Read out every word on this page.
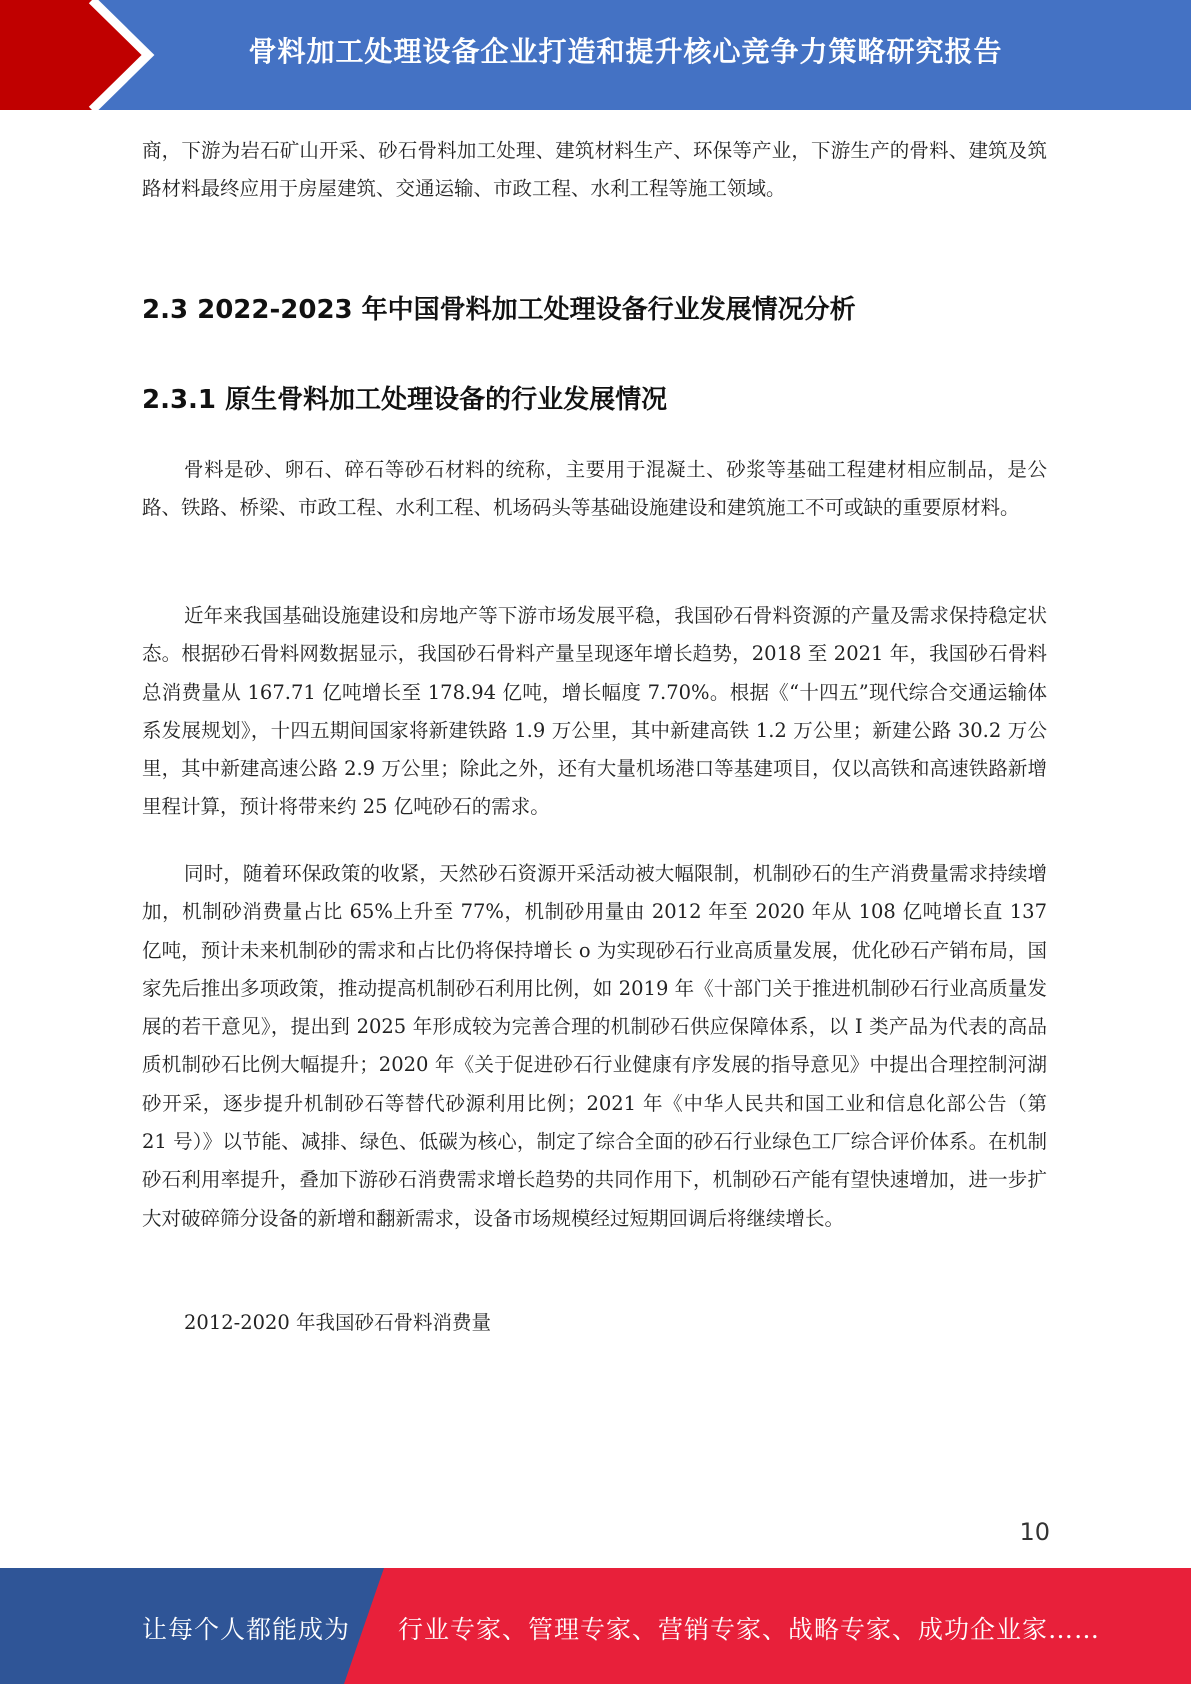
骨料加工处理设备企业打造和提升核心竞争力策略研究报告

商，下游为岩石矿山开采、砂石骨料加工处理、建筑材料生产、环保等产业，下游生产的骨料、建筑及筑路材料最终应用于房屋建筑、交通运输、市政工程、水利工程等施工领域。

2.3 2022-2023 年中国骨料加工处理设备行业发展情况分析
2.3.1 原生骨料加工处理设备的行业发展情况

骨料是砂、卵石、碎石等砂石材料的统称，主要用于混凝土、砂浆等基础工程建材相应制品，是公路、铁路、桥梁、市政工程、水利工程、机场码头等基础设施建设和建筑施工不可或缺的重要原材料。

近年来我国基础设施建设和房地产等下游市场发展平稳，我国砂石骨料资源的产量及需求保持稳定状态。根据砂石骨料网数据显示，我国砂石骨料产量呈现逐年增长趋势，2018 至 2021 年，我国砂石骨料总消费量从 167.71 亿吨增长至 178.94 亿吨，增长幅度 7.70%。根据《“十四五”现代综合交通运输体系发展规划》，十四五期间国家将新建铁路 1.9 万公里，其中新建高铁 1.2 万公里；新建公路 30.2 万公里，其中新建高速公路 2.9 万公里；除此之外，还有大量机场港口等基建项目，仅以高铁和高速铁路新增里程计算，预计将带来约 25 亿吨砂石的需求。

同时，随着环保政策的收紧，天然砂石资源开采活动被大幅限制，机制砂石的生产消费量需求持续增加，机制砂消费量占比 65%上升至 77%，机制砂用量由 2012 年至 2020 年从 108 亿吨增长直 137 亿吨，预计未来机制砂的需求和占比仍将保持增长 o 为实现砂石行业高质量发展，优化砂石产销布局，国家先后推出多项政策，推动提高机制砂石利用比例，如 2019 年《十部门关于推进机制砂石行业高质量发展的若干意见》，提出到 2025 年形成较为完善合理的机制砂石供应保障体系，以 I 类产品为代表的高品质机制砂石比例大幅提升；2020 年《关于促进砂石行业健康有序发展的指导意见》中提出合理控制河湖砂开采，逐步提升机制砂石等替代砂源利用比例；2021 年《中华人民共和国工业和信息化部公告（第 21 号）》以节能、减排、绿色、低碳为核心，制定了综合全面的砂石行业绿色工厂综合评价体系。在机制砂石利用率提升，叠加下游砂石消费需求增长趋势的共同作用下，机制砂石产能有望快速增加，进一步扩大对破碎筛分设备的新增和翻新需求，设备市场规模经过短期回调后将继续增长。

2012-2020 年我国砂石骨料消费量

10
让每个人都能成为 行业专家、管理专家、营销专家、战略专家、成功企业家……
